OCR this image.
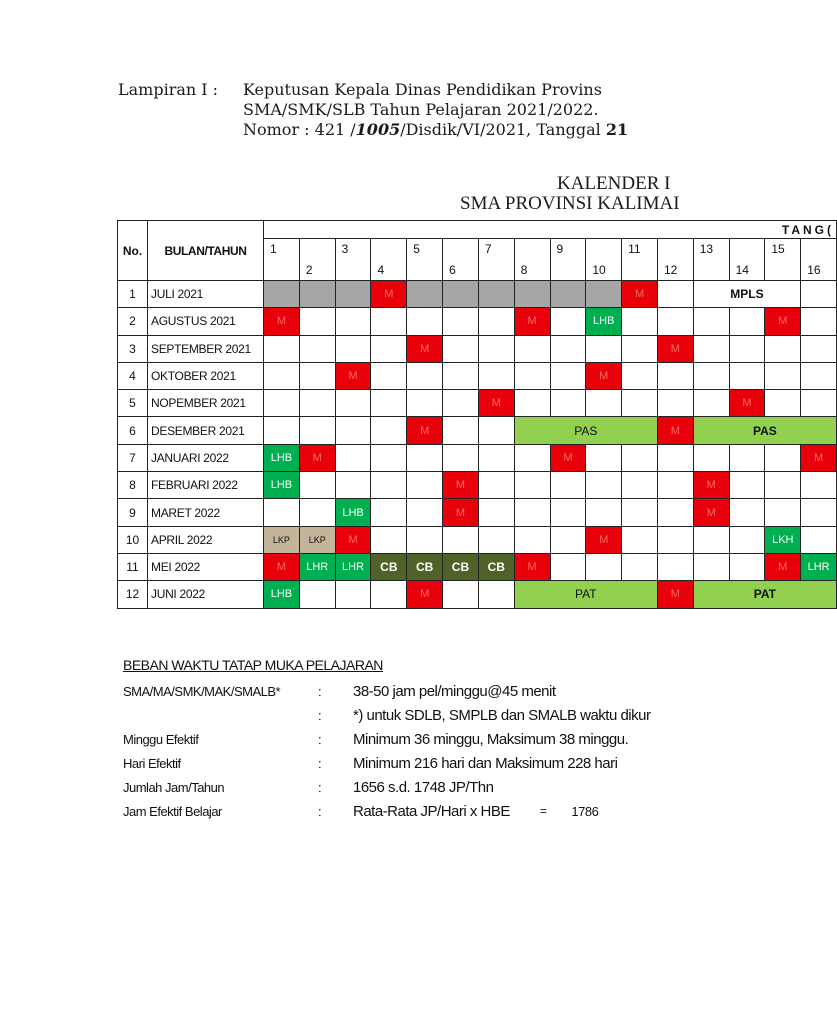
Lampiran I :	Keputusan Kepala Dinas Pendidikan Provins
SMA/SMK/SLB Tahun Pelajaran 2021/2022.
Nomor : 421 /1005/Disdik/VI/2021, Tanggal 21
KALENDER I
SMA PROVINSI KALIMAI
No.	BULAN/TAHUN	TANG(															

		1	2	3	4	5	6	7	8	9	10	11	12	13	14	15	16

1	JULI 2021				M							M		MPLS			
2	AGUSTUS 2021	M							M		LHB					M	
3	SEPTEMBER 2021					M							M				
4	OKTOBER 2021			M							M						
5	NOPEMBER 2021							M							M		
6	DESEMBER 2021					M			PAS				M	PAS			
7	JANUARI 2022	LHB	M							M							M
8	FEBRUARI 2022	LHB					M							M			
9	MARET 2022			LHB			M							M			
10	APRIL 2022	LKP	LKP	M							M					LKH	
11	MEI 2022	M	LHR	LHR	CB	CB	CB	CB	M							M	LHR
12	JUNI 2022	LHB				M			PAT				M	PAT			
BEBAN WAKTU TATAP MUKA PELAJARAN
SMA/MA/SMK/MAK/SMALB*	:	38-50 jam pel/minggu@45 menit
:	*) untuk SDLB, SMPLB dan SMALB waktu dikur
Minggu Efektif	:	Minimum 36 minggu, Maksimum 38 minggu.
Hari Efektif	:	Minimum 216 hari dan Maksimum 228 hari
Jumlah Jam/Tahun	:	1656 s.d. 1748 JP/Thn
Jam Efektif Belajar	:	Rata-Rata JP/Hari x HBE	= 1786
